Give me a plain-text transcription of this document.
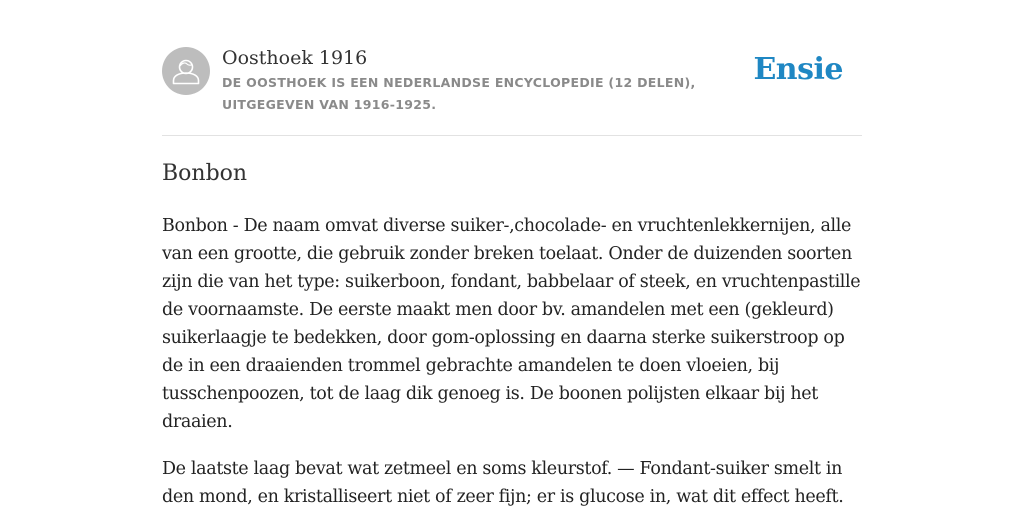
Oosthoek 1916
DE OOSTHOEK IS EEN NEDERLANDSE ENCYCLOPEDIE (12 DELEN), UITGEGEVEN VAN 1916-1925.
Ensie
Bonbon

Bonbon - De naam omvat diverse suiker-,chocolade- en vruchtenlekkernijen, alle van een grootte, die gebruik zonder breken toelaat. Onder de duizenden soorten zijn die van het type: suikerboon, fondant, babbelaar of steek, en vruchtenpastille de voornaamste. De eerste maakt men door bv. amandelen met een (gekleurd) suikerlaagje te bedekken, door gom-oplossing en daarna sterke suikerstroop op de in een draaienden trommel gebrachte amandelen te doen vloeien, bij tusschenpoozen, tot de laag dik genoeg is. De boonen polijsten elkaar bij het draaien.

De laatste laag bevat wat zetmeel en soms kleurstof. — Fondant-suiker smelt in den mond, en kristalliseert niet of zeer fijn; er is glucose in, wat dit effect heeft.
